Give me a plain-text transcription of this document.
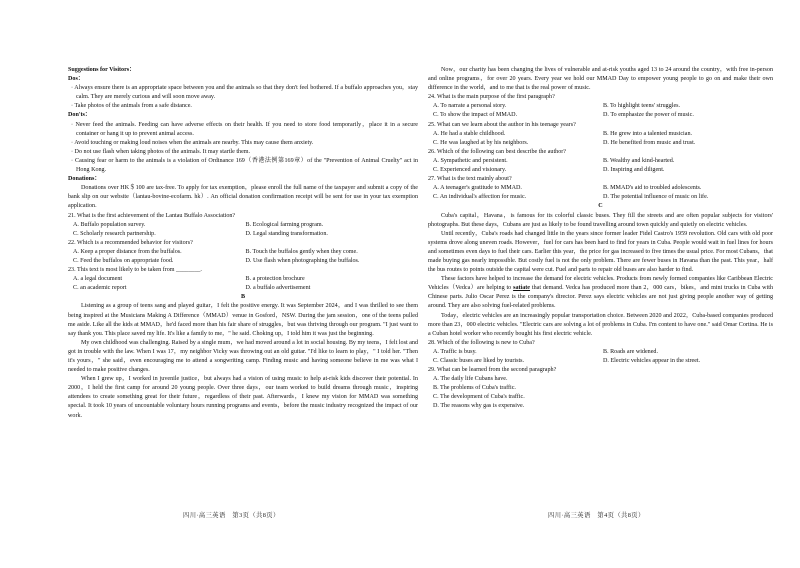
Suggestions for Visitors：
Dos：

· Always ensure there is an appropriate space between you and the animals so that they don't feel bothered. If a buffalo approaches you，stay calm. They are merely curious and will soon move away.

· Take photos of the animals from a safe distance.

Don'ts：

· Never feed the animals. Feeding can have adverse effects on their health. If you need to store food temporarily，place it in a secure container or hang it up to prevent animal access.

· Avoid touching or making loud noises when the animals are nearby. This may cause them anxiety.

· Do not use flash when taking photos of the animals. It may startle them.

· Causing fear or harm to the animals is a violation of Ordinance 169（香港法例第169章）of the "Prevention of Animal Cruelty" act in Hong Kong.

Donations：

Donations over HK＄100 are tax-free. To apply for tax exemption，please enroll the full name of the taxpayer and submit a copy of the bank slip on our website（lantau-bovine-ecofarm. hk）. An official donation confirmation receipt will be sent for use in your tax exemption application.

21. What is the first achievement of the Lantau Buffalo Association?

A. Buffalo population survey.	B. Ecological farming program.
C. Scholarly research partnership.	D. Legal standing transformation.

22. Which is a recommended behavior for visitors?

A. Keep a proper distance from the buffalos.	B. Touch the buffalos gently when they come.
C. Feed the buffalos on appropriate food.	D. Use flash when photographing the buffalos.

23. This text is most likely to be taken from ________.

A. a legal document	B. a protection brochure
C. an academic report	D. a buffalo advertisement

B

Listening as a group of teens sang and played guitar，I felt the positive energy. It was September 2024，and I was thrilled to see them being inspired at the Musicians Making A Difference（MMAD）venue in Gosford，NSW. During the jam session，one of the teens pulled me aside. Like all the kids at MMAD，he'd faced more than his fair share of struggles，but was thriving through our program. "I just want to say thank you. This place saved my life. It's like a family to me，" he said. Choking up，I told him it was just the beginning.

My own childhood was challenging. Raised by a single mum，we had moved around a lot in social housing. By my teens，I felt lost and got in trouble with the law. When I was 17，my neighbor Vicky was throwing out an old guitar. "I'd like to learn to play，" I told her. "Then it's yours，" she said，even encouraging me to attend a songwriting camp. Finding music and having someone believe in me was what I needed to make positive changes.

When I grew up，I worked in juvenile justice，but always had a vision of using music to help at-risk kids discover their potential. In 2000，I held the first camp for around 20 young people. Over three days，our team worked to build dreams through music，inspiring attendees to create something great for their future，regardless of their past. Afterwards，I knew my vision for MMAD was something special. It took 10 years of uncountable voluntary hours running programs and events，before the music industry recognized the impact of our work.

四川·高三英语　第3页（共8页）

Now，our charity has been changing the lives of vulnerable and at-risk youths aged 13 to 24 around the country，with free in-person and online programs，for over 20 years. Every year we hold our MMAD Day to empower young people to go on and make their own difference in the world，and to me that is the real power of music.

24. What is the main purpose of the first paragraph?

A. To narrate a personal story.	B. To highlight teens' struggles.
C. To show the impact of MMAD.	D. To emphasize the power of music.

25. What can we learn about the author in his teenage years?

A. He had a stable childhood.	B. He grew into a talented musician.
C. He was laughed at by his neighbors.	D. He benefited from music and trust.

26. Which of the following can best describe the author?

A. Sympathetic and persistent.	B. Wealthy and kind-hearted.
C. Experienced and visionary.	D. Inspiring and diligent.

27. What is the text mainly about?

A. A teenager's gratitude to MMAD.	B. MMAD's aid to troubled adolescents.
C. An individual's affection for music.	D. The potential influence of music on life.

C

Cuba's capital，Havana，is famous for its colorful classic buses. They fill the streets and are often popular subjects for visitors' photographs. But these days，Cubans are just as likely to be found travelling around town quickly and quietly on electric vehicles.

Until recently，Cuba's roads had changed little in the years since former leader Fidel Castro's 1959 revolution. Old cars with old poor systems drove along uneven roads. However，fuel for cars has been hard to find for years in Cuba. People would wait in fuel lines for hours and sometimes even days to fuel their cars. Earlier this year，the price for gas increased to five times the usual price. For most Cubans，that made buying gas nearly impossible. But costly fuel is not the only problem. There are fewer buses in Havana than the past. This year，half the bus routes to points outside the capital were cut. Fuel and parts to repair old buses are also harder to find.

These factors have helped to increase the demand for electric vehicles. Products from newly formed companies like Caribbean Electric Vehicles（Vedca）are helping to satiate that demand. Vedca has produced more than 2，000 cars，bikes，and mini trucks in Cuba with Chinese parts. Julio Oscar Perez is the company's director. Perez says electric vehicles are not just giving people another way of getting around. They are also solving fuel-related problems.

Today，electric vehicles are an increasingly popular transportation choice. Between 2020 and 2022，Cuba-based companies produced more than 23，000 electric vehicles. "Electric cars are solving a lot of problems in Cuba. I'm content to have one." said Omar Cortina. He is a Cuban hotel worker who recently bought his first electric vehicle.

28. Which of the following is new to Cuba?

A. Traffic is busy.	B. Roads are widened.
C. Classic buses are liked by tourists.	D. Electric vehicles appear in the street.

29. What can be learned from the second paragraph?

A. The daily life Cubans have.
B. The problems of Cuba's traffic.
C. The development of Cuba's traffic.
D. The reasons why gas is expensive.
四川·高三英语　第4页（共8页）
